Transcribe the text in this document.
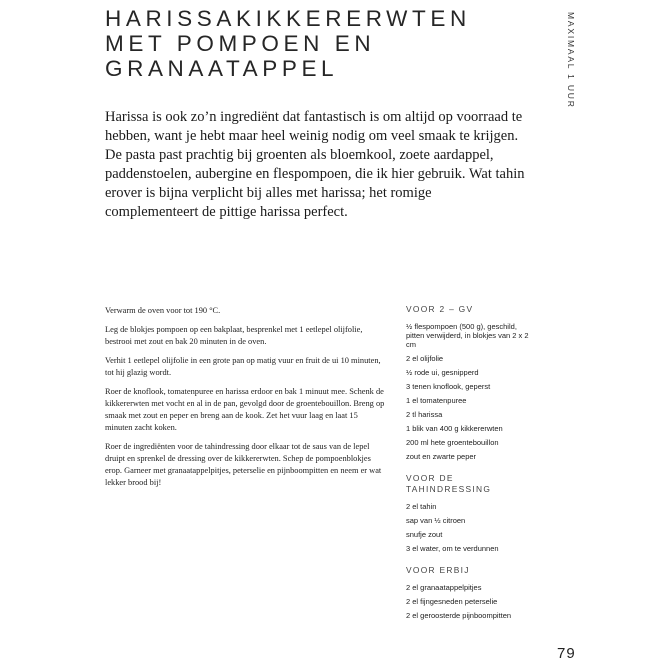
HARISSAKIKKERERWTEN
MET POMPOEN EN
GRANAATAPPEL	MAXIMAAL 1 UUR

Harissa is ook zo’n ingrediënt dat fantastisch is om altijd op voorraad te hebben, want je hebt maar heel weinig nodig om veel smaak te krijgen. De pasta past prachtig bij groenten als bloemkool, zoete aardappel, paddenstoelen, aubergine en flespompoen, die ik hier gebruik. Wat tahin erover is bijna verplicht bij alles met harissa; het romige complementeert de pittige harissa perfect.

Verwarm de oven voor tot 190 °C.

Leg de blokjes pompoen op een bakplaat, besprenkel met 1 eetlepel olijfolie, bestrooi met zout en bak 20 minuten in de oven.

Verhit 1 eetlepel olijfolie in een grote pan op matig vuur en fruit de ui 10 minuten, tot hij glazig wordt.

Roer de knoflook, tomatenpuree en harissa erdoor en bak 1 minuut mee. Schenk de kikkererwten met vocht en al in de pan, gevolgd door de groentebouillon. Breng op smaak met zout en peper en breng aan de kook. Zet het vuur laag en laat 15 minuten zacht koken.

Roer de ingrediënten voor de tahindressing door elkaar tot de saus van de lepel druipt en sprenkel de dressing over de kikkererwten. Schep de pompoenblokjes erop. Garneer met granaatappelpitjes, peterselie en pijnboompitten en neem er wat lekker brood bij!

VOOR 2 – GV
½ flespompoen (500 g), geschild, pitten verwijderd, in blokjes van 2 x 2 cm
2 el olijfolie
½ rode ui, gesnipperd
3 tenen knoflook, geperst
1 el tomatenpuree
2 tl harissa
1 blik van 400 g kikkererwten
200 ml hete groentebouillon
zout en zwarte peper
VOOR DE TAHINDRESSING
2 el tahin
sap van ½ citroen
snufje zout
3 el water, om te verdunnen
VOOR ERBIJ
2 el granaatappelpitjes
2 el fijngesneden peterselie
2 el geroosterde pijnboompitten
79
